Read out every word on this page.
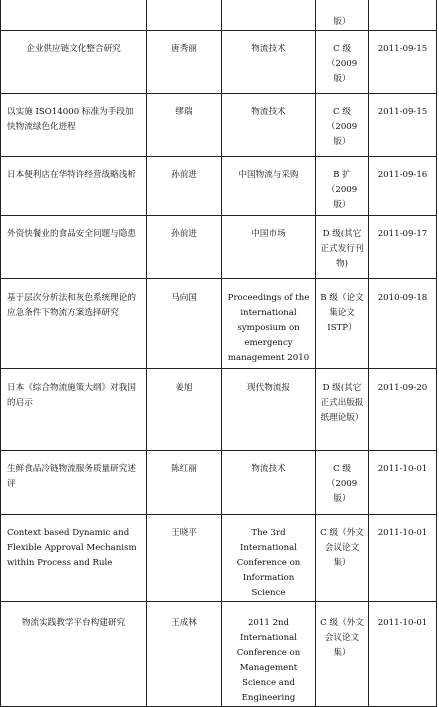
			版）	
企业供应链文化整合研究	唐秀丽	物流技术	C 级（2009 版）	2011-09-15
以实施 ISO14000 标准为手段加快物流绿色化进程	缪瑞	物流技术	C 级（2009 版）	2011-09-15
日本便利店在华特许经营战略浅析	孙前进	中国物流与采购	B 扩（2009 版）	2011-09-16
外资快餐业的食品安全问题与隐患	孙前进	中国市场	D 级(其它正式发行刊物)	2011-09-17
基于层次分析法和灰色系统理论的应急条件下物流方案选择研究	马向国	Proceedings of the international symposium on emergency management 2010	B 级（论文集论文 ISTP）	2010-09-18
日本《综合物流施策大纲》对我国的启示	姜旭	现代物流报	D 级(其它正式出版报纸理论版）	2011-09-20
生鲜食品冷链物流服务质量研究述评	陈红丽	物流技术	C 级（2009 版）	2011-10-01
Context based Dynamic and Flexible Approval Mechanism within Process and Rule	王晓平	The 3rd International Conference on Information Science	C 级（外文会议论文集）	2011-10-01
物流实践教学平台构建研究	王成林	2011 2nd International Conference on Management Science and Engineering	C 级（外文会议论文集）	2011-10-01
